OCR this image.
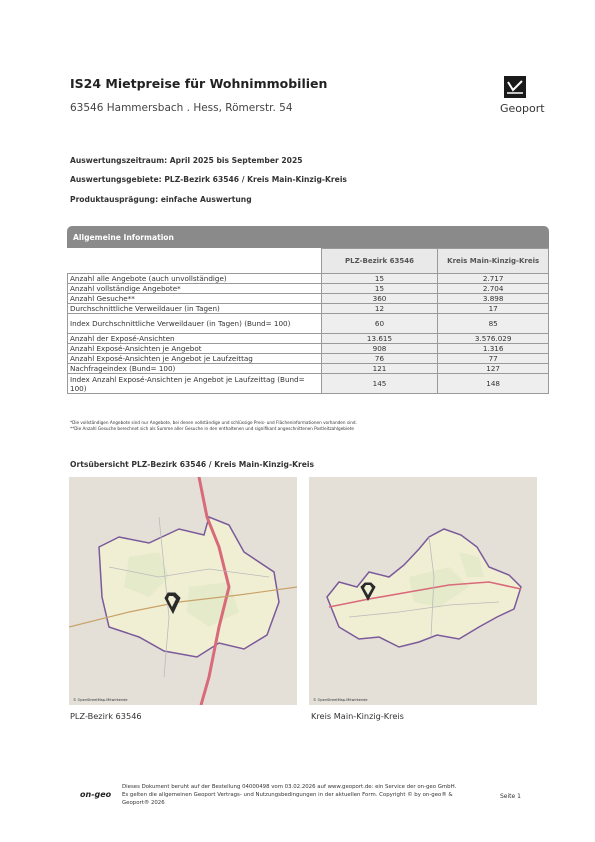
IS24 Mietpreise für Wohnimmobilien
63546 Hammersbach . Hess, Römerstr. 54	Geoport
Auswertungszeitraum: April 2025 bis September 2025
Auswertungsgebiete: PLZ-Bezirk 63546 / Kreis Main-Kinzig-Kreis
Produktausprägung: einfache Auswertung
Allgemeine Information
	PLZ-Bezirk 63546	Kreis Main-Kinzig-Kreis
Anzahl alle Angebote (auch unvollständige)	15	2.717
Anzahl vollständige Angebote*	15	2.704
Anzahl Gesuche**	360	3.898
Durchschnittliche Verweildauer (in Tagen)	12	17
Index Durchschnittliche Verweildauer (in Tagen) (Bund= 100)	60	85
Anzahl der Exposé-Ansichten	13.615	3.576.029
Anzahl Exposé-Ansichten je Angebot	908	1.316
Anzahl Exposé-Ansichten je Angebot je Laufzeittag	76	77
Nachfrageindex (Bund= 100)	121	127
Index Anzahl Exposé-Ansichten je Angebot je Laufzeittag (Bund= 100)	145	148
*Die vollständigen Angebote sind nur Angebote, bei denen vollständige und schlüssige Preis- und Flächeninformationen vorhanden sind.
**Die Anzahl Gesuche berechnet sich als Summe aller Gesuche in den enthaltenen und signifikant angeschnittenen Postleitzahlgebiete
Ortsübersicht PLZ-Bezirk 63546 / Kreis Main-Kinzig-Kreis
© OpenStreetMap-Mitwirkende	© OpenStreetMap-Mitwirkende
PLZ-Bezirk 63546	Kreis Main-Kinzig-Kreis
on-geo
Dieses Dokument beruht auf der Bestellung 04000498 vom 03.02.2026 auf www.geoport.de: ein Service der on-geo GmbH. Es gelten die allgemeinen Geoport Vertrags- und Nutzungsbedingungen in der aktuellen Form. Copyright © by on-geo® & Geoport® 2026
Seite 1
